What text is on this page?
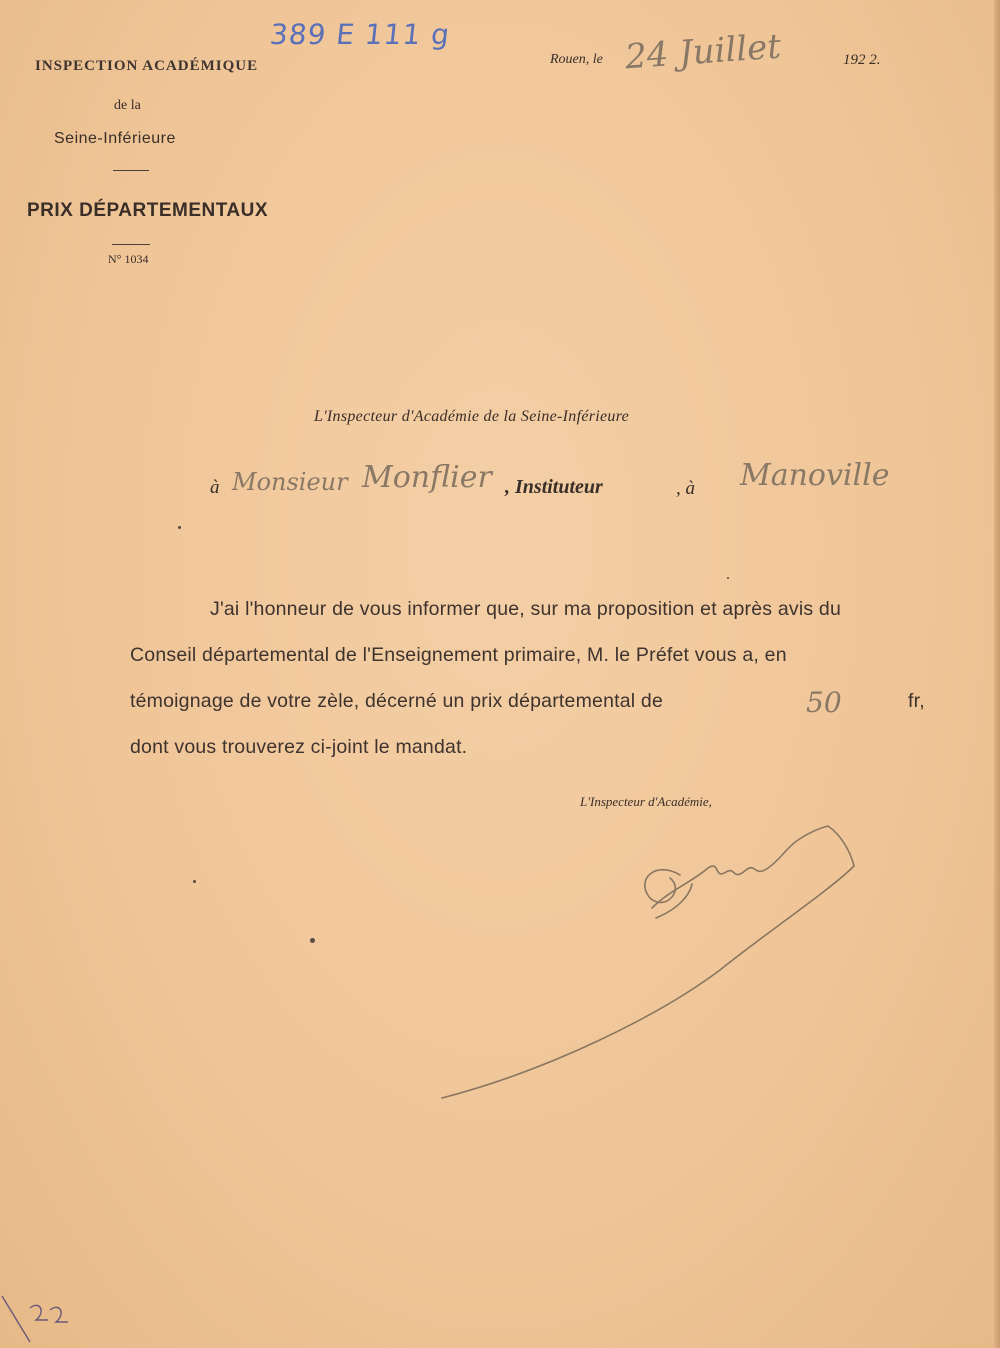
389 E 111 g
INSPECTION ACADÉMIQUE
de la
Seine-Inférieure
PRIX DÉPARTEMENTAUX
N° 1034
Rouen, le 24 Juillet	192 2.
L'Inspecteur d'Académie de la Seine-Inférieure
à Monsieur Monflier , Instituteur	, à Manoville
J'ai l'honneur de vous informer que, sur ma proposition et après avis du
Conseil départemental de l'Enseignement primaire, M. le Préfet vous a, en
témoignage de votre zèle, décerné un prix départemental de	50	fr,
dont vous trouverez ci-joint le mandat.
L'Inspecteur d'Académie,
